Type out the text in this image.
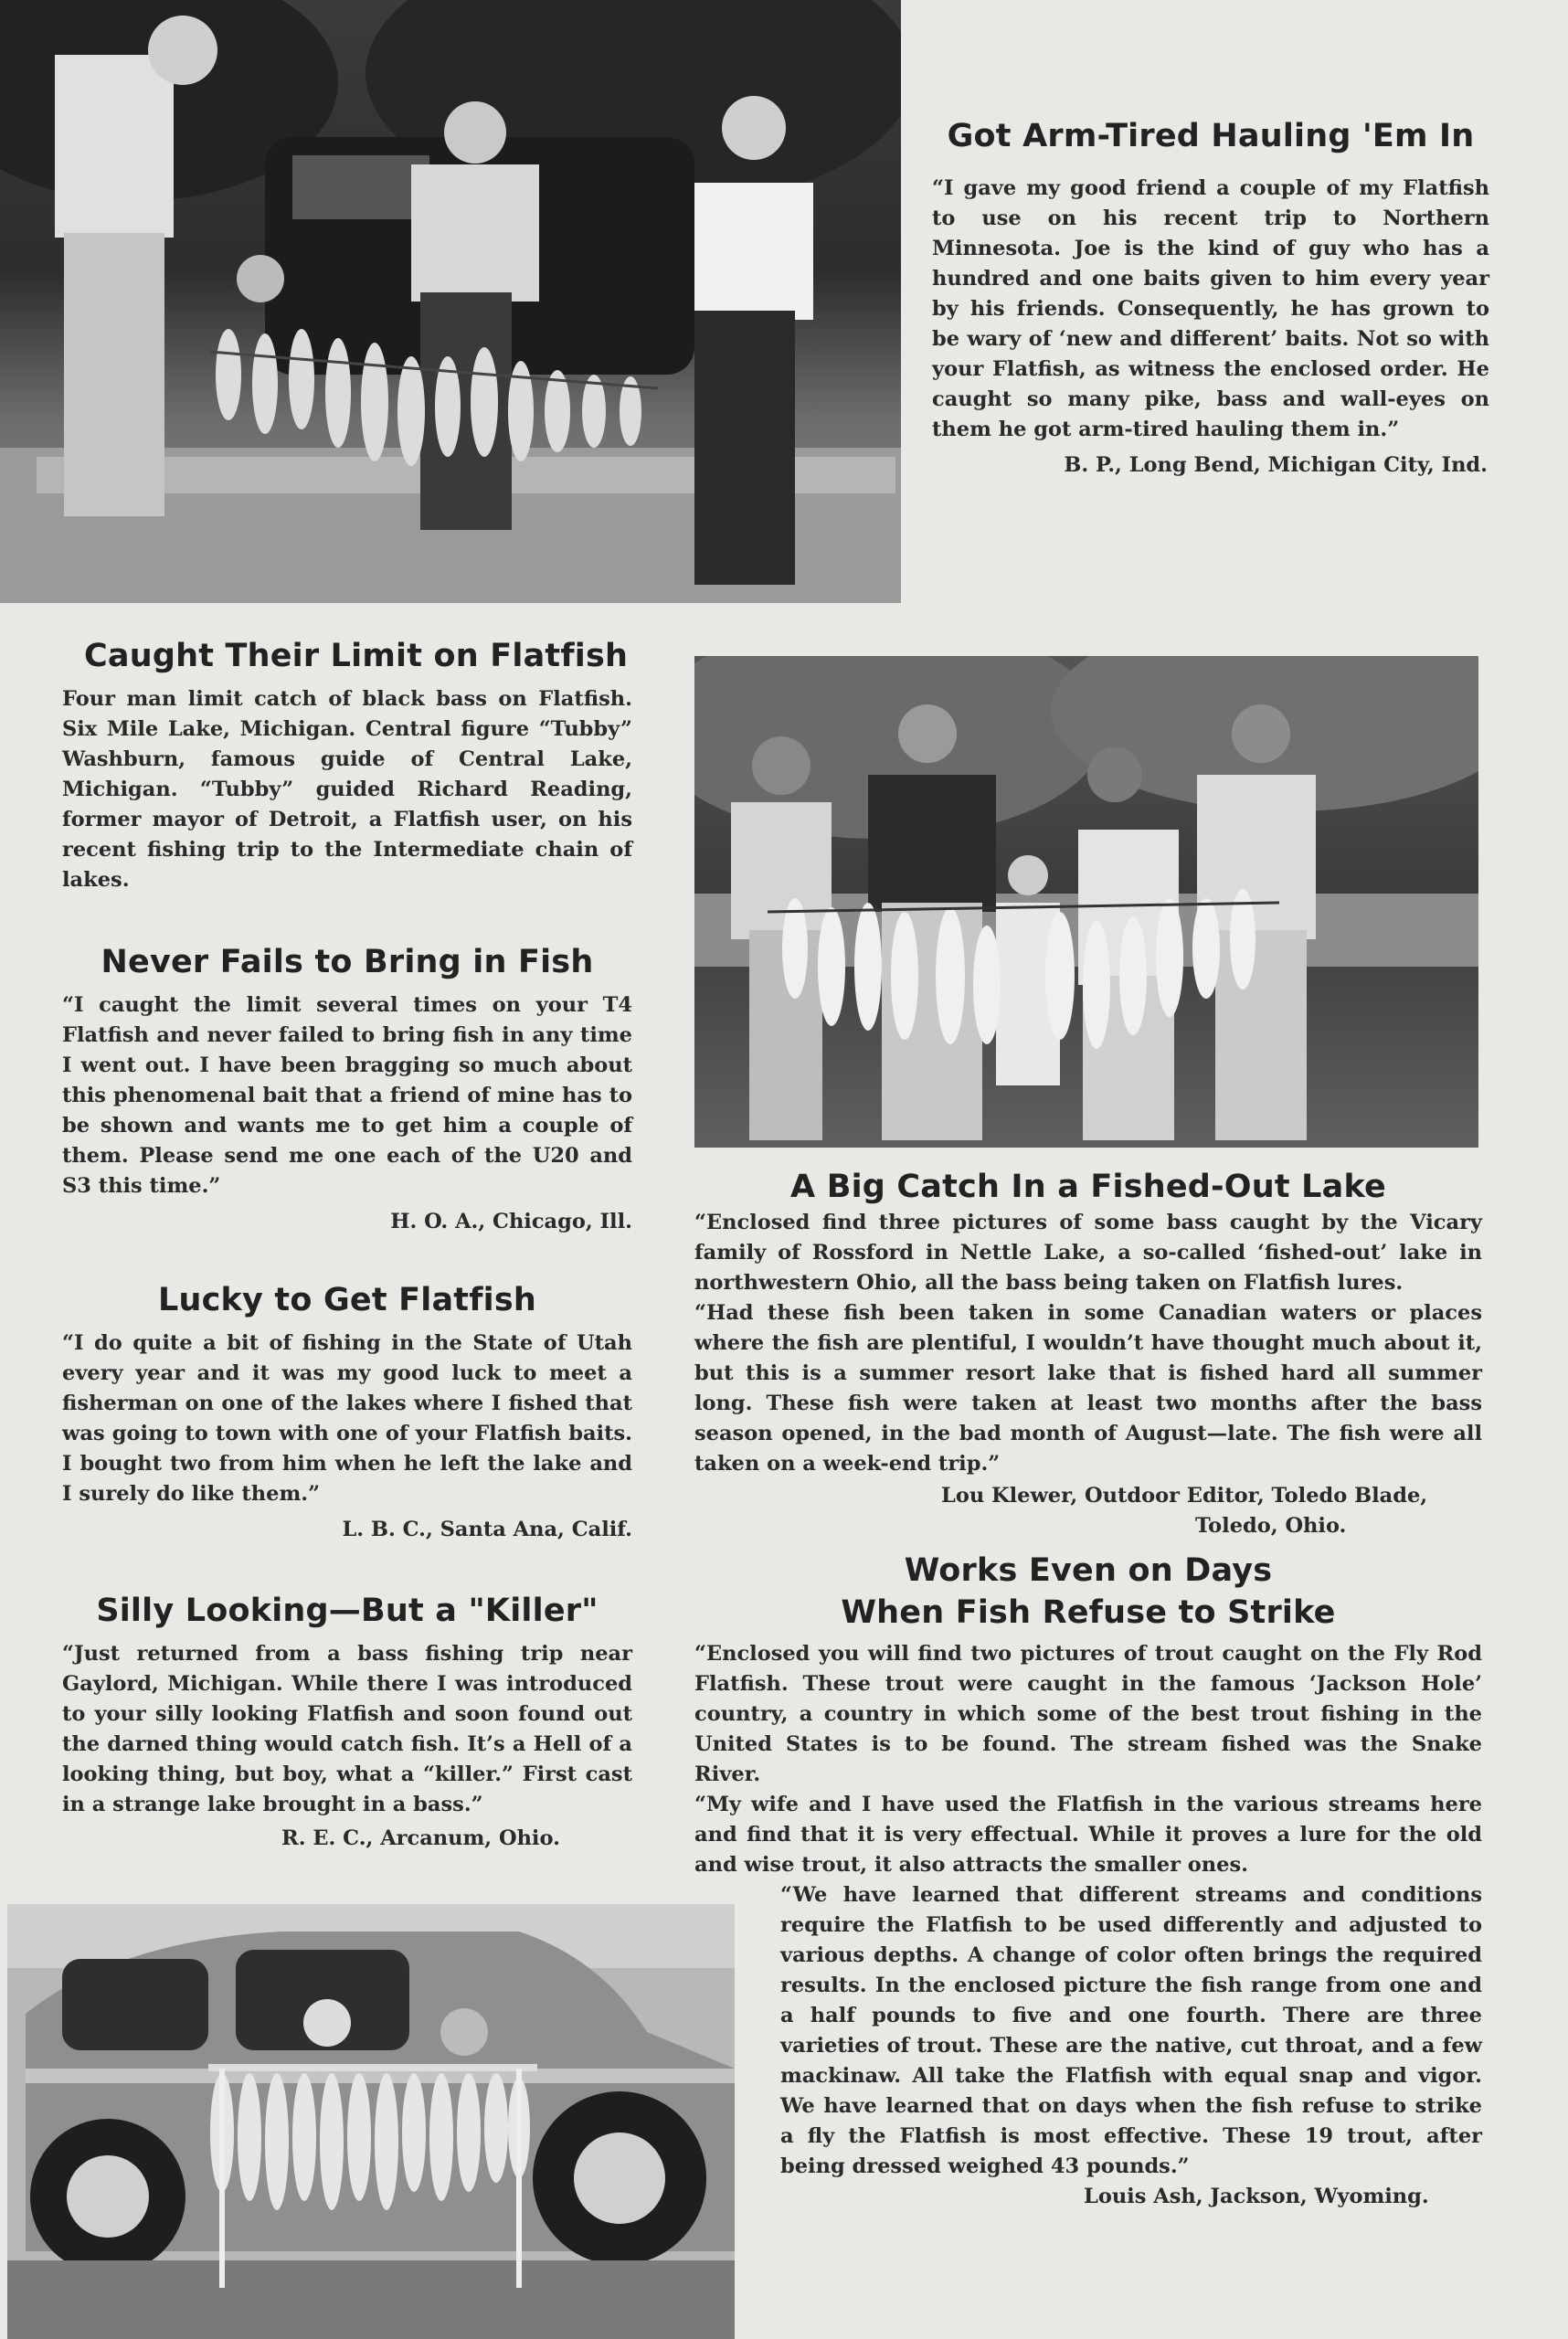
Got Arm-Tired Hauling 'Em In

“I gave my good friend a couple of my Flatfish to use on his recent trip to Northern Minnesota. Joe is the kind of guy who has a hundred and one baits given to him every year by his friends. Consequently, he has grown to be wary of ‘new and different’ baits. Not so with your Flatfish, as witness the enclosed order. He caught so many pike, bass and wall-eyes on them he got arm-tired hauling them in.”

B. P., Long Bend, Michigan City, Ind.
Caught Their Limit on Flatfish

Four man limit catch of black bass on Flatfish. Six Mile Lake, Michigan. Central figure “Tubby” Washburn, famous guide of Central Lake, Michigan. “Tubby” guided Richard Reading, former mayor of Detroit, a Flatfish user, on his recent fishing trip to the Intermediate chain of lakes.

Never Fails to Bring in Fish

“I caught the limit several times on your T4 Flatfish and never failed to bring fish in any time I went out. I have been bragging so much about this phenomenal bait that a friend of mine has to be shown and wants me to get him a couple of them. Please send me one each of the U20 and S3 this time.”

H. O. A., Chicago, Ill.
A Big Catch In a Fished-Out Lake

“Enclosed find three pictures of some bass caught by the Vicary family of Rossford in Nettle Lake, a so-called ‘fished-out’ lake in northwestern Ohio, all the bass being taken on Flatfish lures.

“Had these fish been taken in some Canadian waters or places where the fish are plentiful, I wouldn’t have thought much about it, but this is a summer resort lake that is fished hard all summer long. These fish were taken at least two months after the bass season opened, in the bad month of August—late. The fish were all taken on a week-end trip.”

Lou Klewer, Outdoor Editor, Toledo Blade,
Toledo, Ohio.
Lucky to Get Flatfish

“I do quite a bit of fishing in the State of Utah every year and it was my good luck to meet a fisherman on one of the lakes where I fished that was going to town with one of your Flatfish baits. I bought two from him when he left the lake and I surely do like them.”

L. B. C., Santa Ana, Calif.
Works Even on Days
When Fish Refuse to Strike

“Enclosed you will find two pictures of trout caught on the Fly Rod Flatfish. These trout were caught in the famous ‘Jackson Hole’ country, a country in which some of the best trout fishing in the United States is to be found. The stream fished was the Snake River.

“My wife and I have used the Flatfish in the various streams here and find that it is very effectual. While it proves a lure for the old and wise trout, it also attracts the smaller ones.

“We have learned that different streams and conditions require the Flatfish to be used differently and adjusted to various depths. A change of color often brings the required results. In the enclosed picture the fish range from one and a half pounds to five and one fourth. There are three varieties of trout. These are the native, cut throat, and a few mackinaw. All take the Flatfish with equal snap and vigor. We have learned that on days when the fish refuse to strike a fly the Flatfish is most effective. These 19 trout, after being dressed weighed 43 pounds.”

Louis Ash, Jackson, Wyoming.
Silly Looking—But a "Killer"

“Just returned from a bass fishing trip near Gaylord, Michigan. While there I was introduced to your silly looking Flatfish and soon found out the darned thing would catch fish. It’s a Hell of a looking thing, but boy, what a “killer.” First cast in a strange lake brought in a bass.”

R. E. C., Arcanum, Ohio.
